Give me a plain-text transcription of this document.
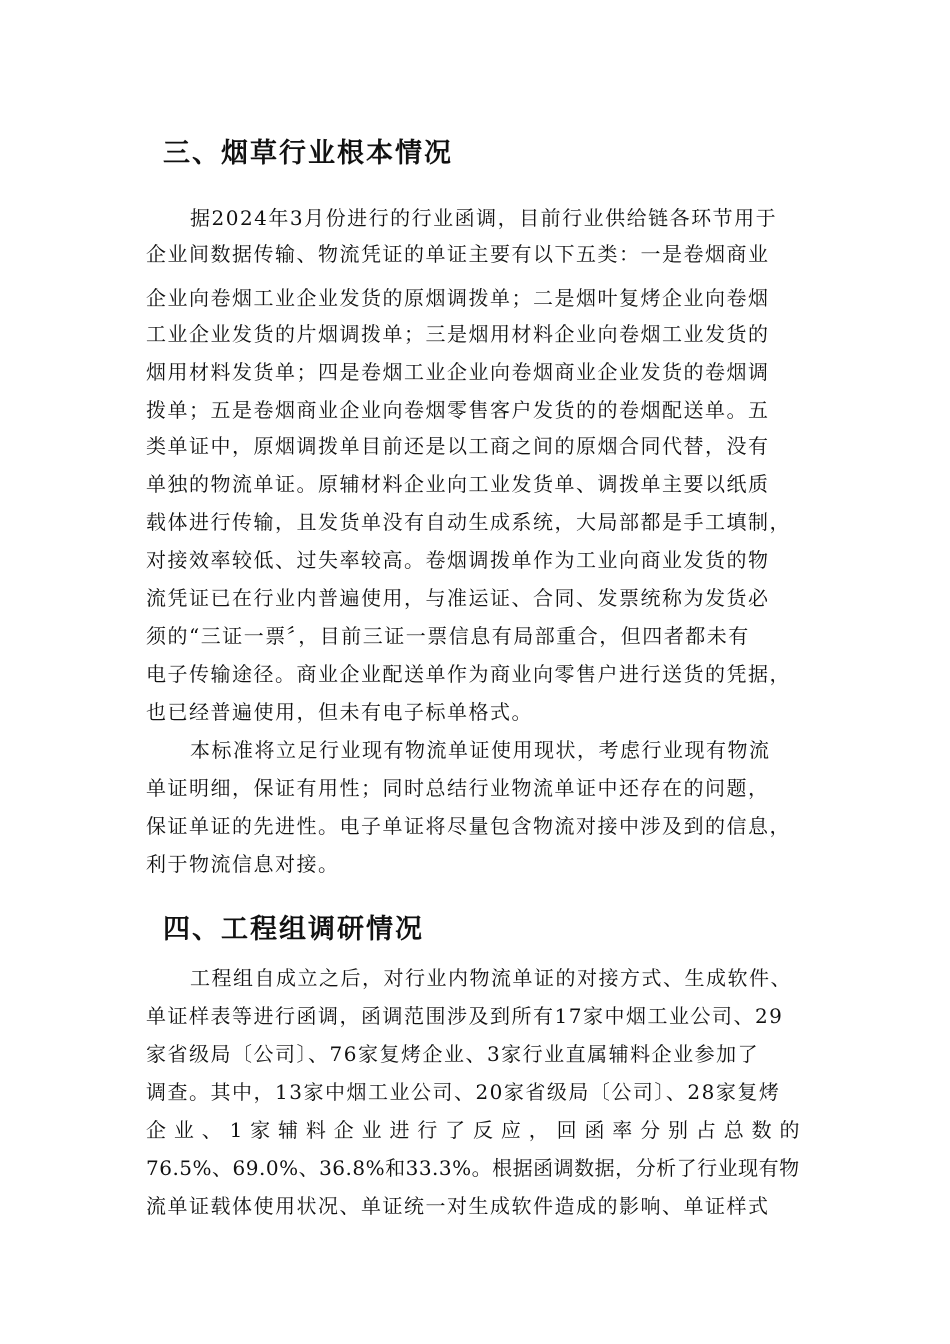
三、烟草行业根本情况
据2024年3月份进行的行业函调，目前行业供给链各环节用于
企业间数据传输、物流凭证的单证主要有以下五类：一是卷烟商业
企业向卷烟工业企业发货的原烟调拨单；二是烟叶复烤企业向卷烟
工业企业发货的片烟调拨单；三是烟用材料企业向卷烟工业发货的
烟用材料发货单；四是卷烟工业企业向卷烟商业企业发货的卷烟调
拨单；五是卷烟商业企业向卷烟零售客户发货的的卷烟配送单。五
类单证中，原烟调拨单目前还是以工商之间的原烟合同代替，没有
单独的物流单证。原辅材料企业向工业发货单、调拨单主要以纸质
载体进行传输，且发货单没有自动生成系统，大局部都是手工填制，
对接效率较低、过失率较高。卷烟调拨单作为工业向商业发货的物
流凭证已在行业内普遍使用，与准运证、合同、发票统称为发货必
须的“三证一票〞，目前三证一票信息有局部重合，但四者都未有
电子传输途径。商业企业配送单作为商业向零售户进行送货的凭据，
也已经普遍使用，但未有电子标单格式。
本标准将立足行业现有物流单证使用现状，考虑行业现有物流
单证明细，保证有用性；同时总结行业物流单证中还存在的问题，
保证单证的先进性。电子单证将尽量包含物流对接中涉及到的信息，
利于物流信息对接。
四、工程组调研情况
工程组自成立之后，对行业内物流单证的对接方式、生成软件、
单证样表等进行函调，函调范围涉及到所有17家中烟工业公司、29
家省级局〔公司〕、76家复烤企业、3家行业直属辅料企业参加了
调查。其中，13家中烟工业公司、20家省级局〔公司〕、28家复烤
企 业 、 1 家 辅 料 企 业 进 行 了 反 应 ， 回 函 率 分 别 占 总 数 的
76.5%、69.0%、36.8%和33.3%。根据函调数据，分析了行业现有物
流单证载体使用状况、单证统一对生成软件造成的影响、单证样式
